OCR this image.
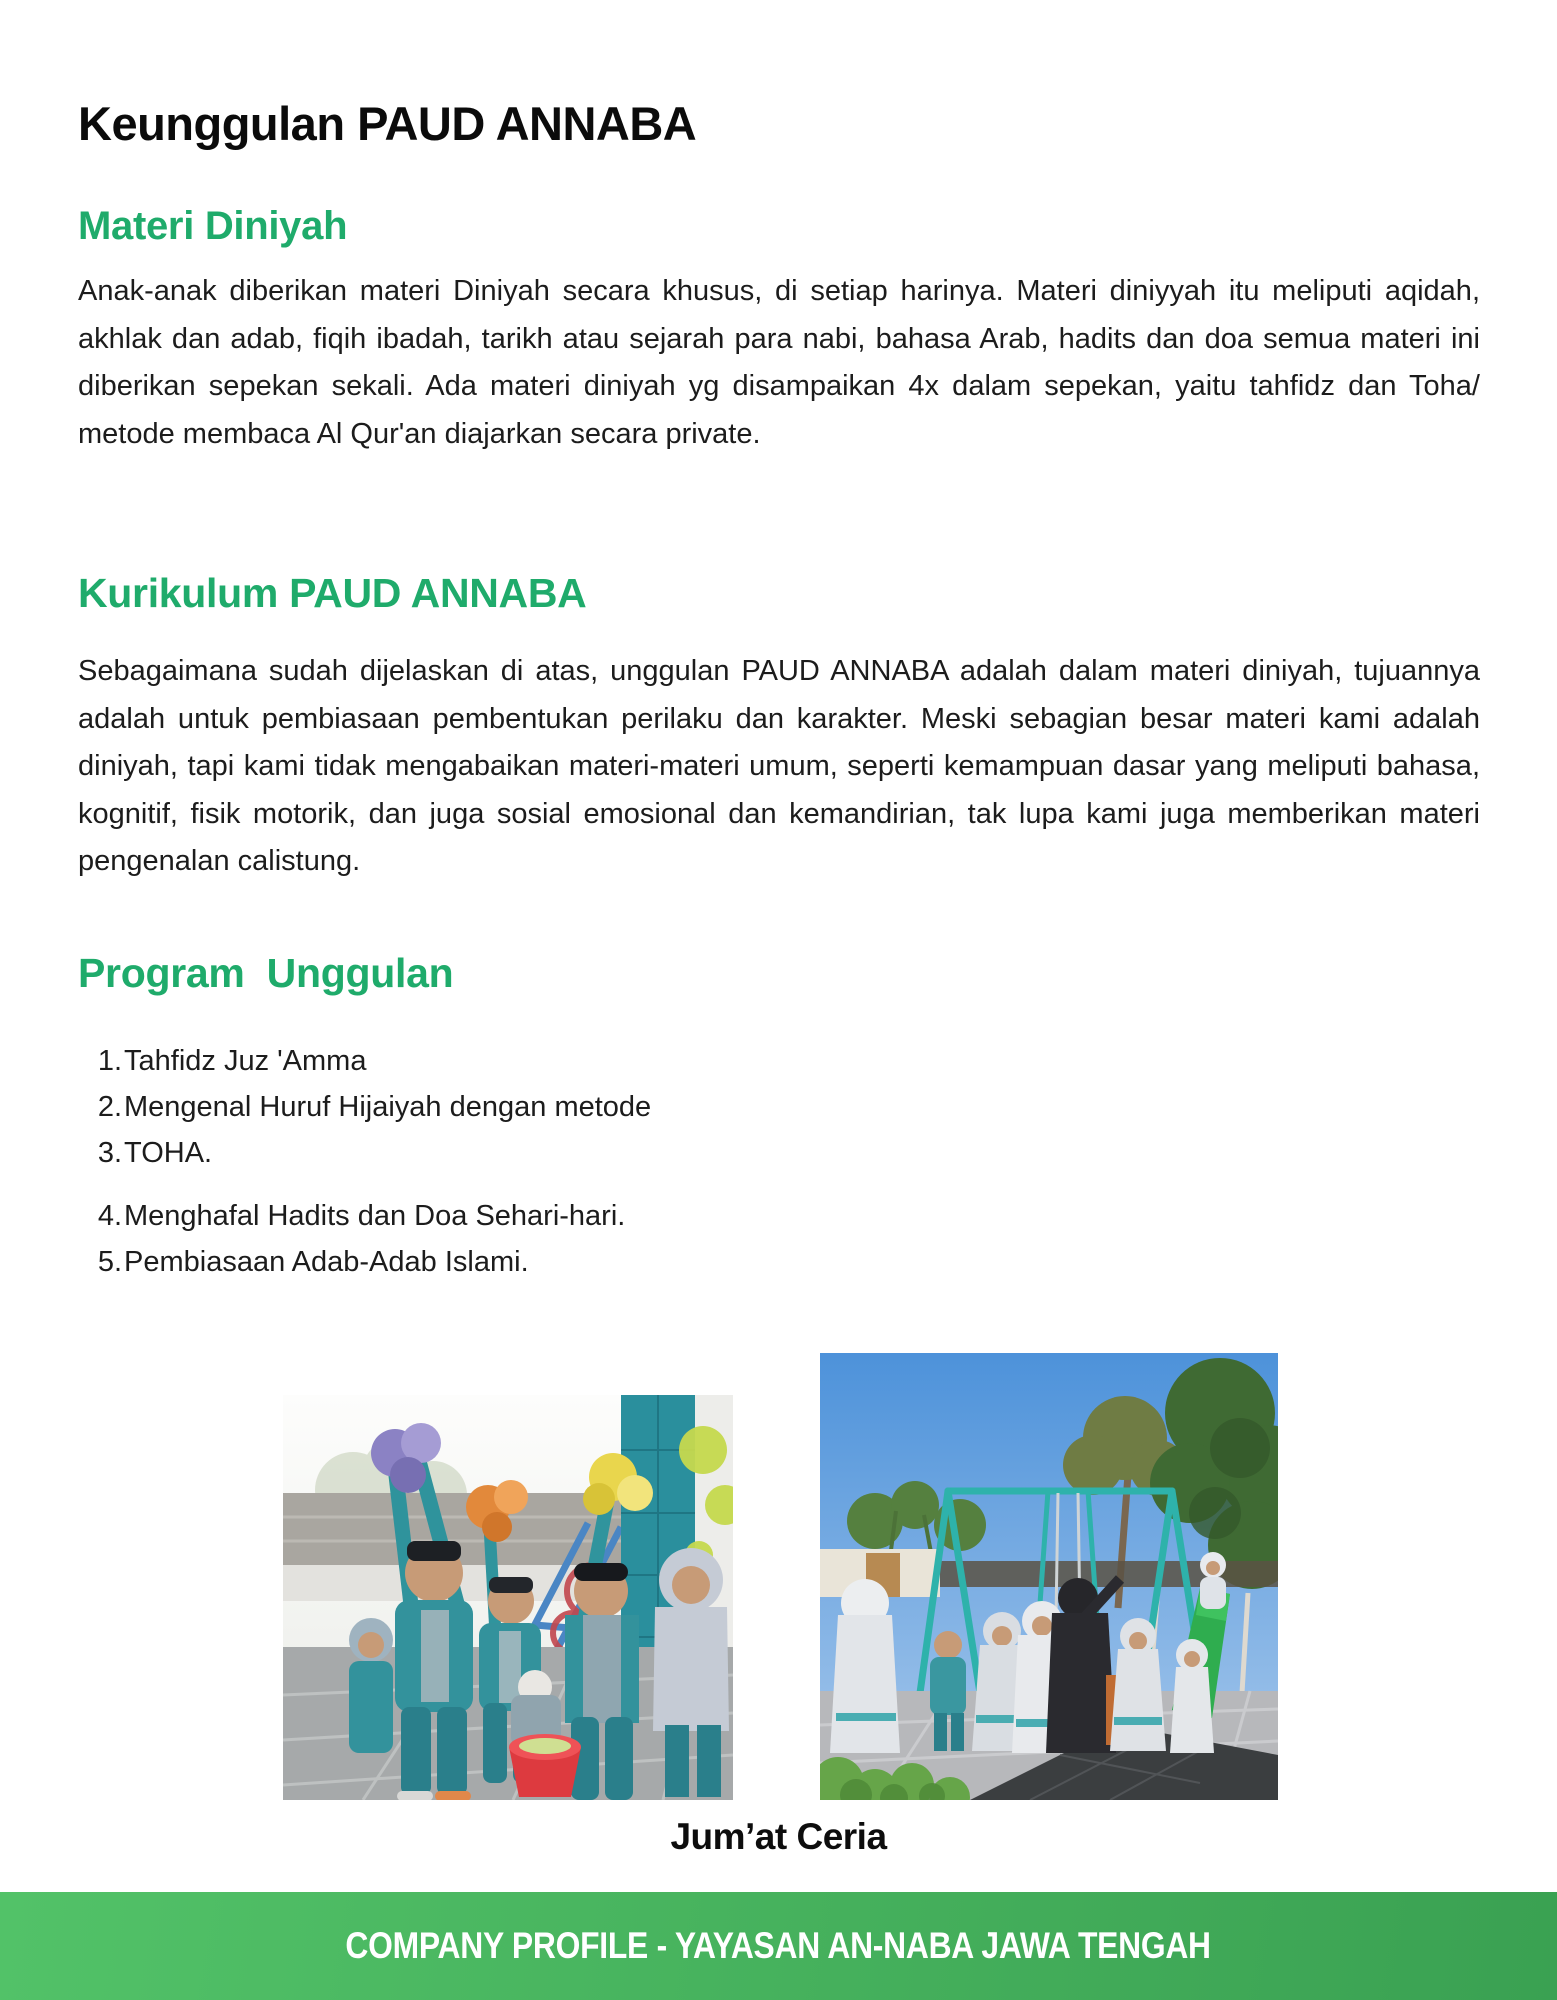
Keunggulan PAUD ANNABA
Materi Diniyah

Anak-anak diberikan materi Diniyah secara khusus, di setiap harinya. Materi diniyyah itu meliputi aqidah, akhlak dan adab, fiqih ibadah, tarikh atau sejarah para nabi, bahasa Arab, hadits dan doa semua materi ini diberikan sepekan sekali. Ada materi diniyah yg disampaikan 4x dalam sepekan, yaitu tahfidz dan Toha/ metode membaca Al Qur'an diajarkan secara private.

Kurikulum PAUD ANNABA

Sebagaimana sudah dijelaskan di atas, unggulan PAUD ANNABA adalah dalam materi diniyah, tujuannya adalah untuk pembiasaan pembentukan perilaku dan karakter. Meski sebagian besar materi kami adalah diniyah, tapi kami tidak mengabaikan materi-materi umum, seperti kemampuan dasar yang meliputi bahasa, kognitif, fisik motorik, dan juga sosial emosional dan kemandirian, tak lupa kami juga memberikan materi pengenalan calistung.

Program  Unggulan
1. Tahfidz Juz 'Amma
2. Mengenal Huruf Hijaiyah dengan metode
3. TOHA.
4. Menghafal Hadits dan Doa Sehari-hari.
5. Pembiasaan Adab-Adab Islami.
Jum’at Ceria
COMPANY PROFILE - YAYASAN AN-NABA JAWA TENGAH
